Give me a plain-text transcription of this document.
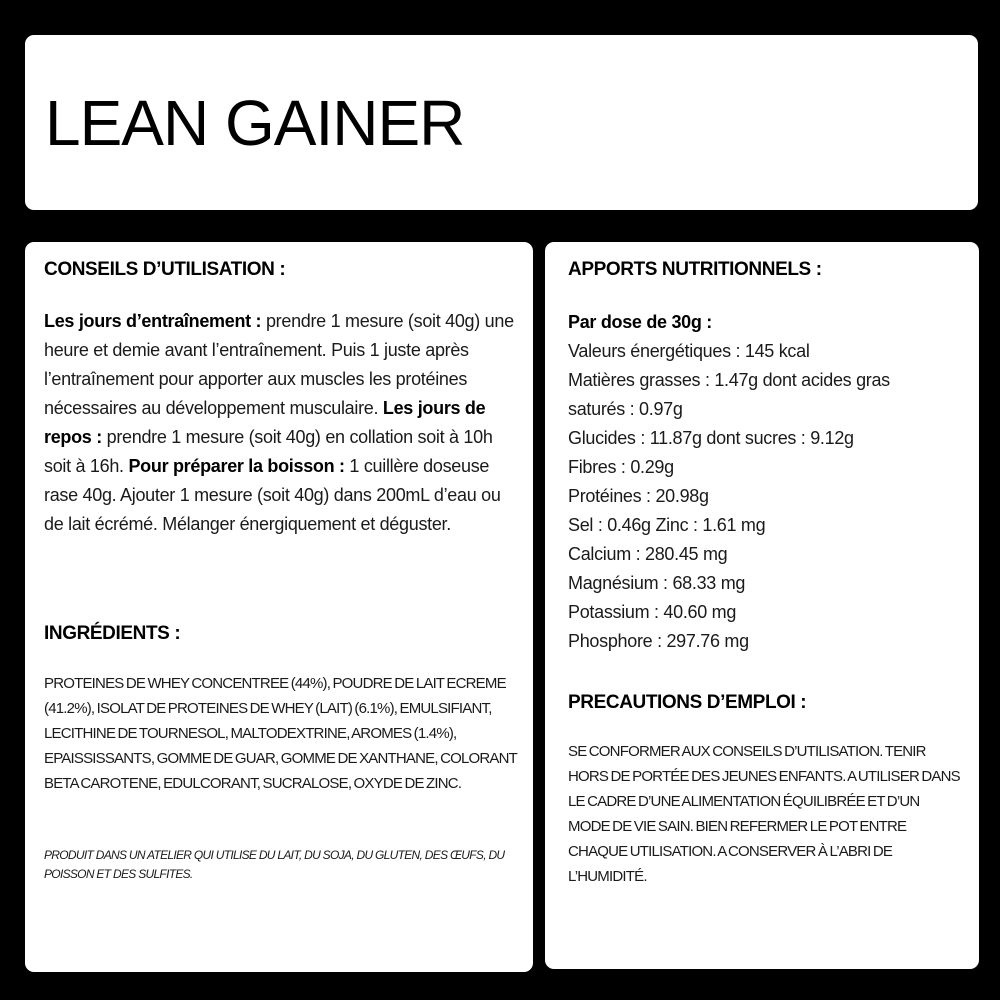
LEAN GAINER
CONSEILS D’UTILISATION :
Les jours d’entraînement : prendre 1 mesure (soit 40g) une heure et demie avant l’entraînement. Puis 1 juste après l’entraînement pour apporter aux muscles les protéines nécessaires au développement musculaire. Les jours de repos : prendre 1 mesure (soit 40g) en collation soit à 10h soit à 16h. Pour préparer la boisson : 1 cuillère doseuse rase 40g. Ajouter 1 mesure (soit 40g) dans 200mL d’eau ou de lait écrémé. Mélanger énergiquement et déguster.
INGRÉDIENTS :
PROTEINES DE WHEY CONCENTREE (44%), POUDRE DE LAIT ECREME (41.2%), ISOLAT DE PROTEINES DE WHEY (LAIT) (6.1%), EMULSIFIANT, LECITHINE DE TOURNESOL, MALTODEXTRINE, AROMES (1.4%), EPAISSISSANTS, GOMME DE GUAR, GOMME DE XANTHANE, COLORANT BETA CAROTENE, EDULCORANT, SUCRALOSE, OXYDE DE ZINC.
PRODUIT DANS UN ATELIER QUI UTILISE DU LAIT, DU SOJA, DU GLUTEN, DES ŒUFS, DU POISSON ET DES SULFITES.
APPORTS NUTRITIONNELS :
Par dose de 30g :
Valeurs énergétiques : 145 kcal
Matières grasses : 1.47g dont acides gras
saturés : 0.97g
Glucides : 11.87g dont sucres : 9.12g
Fibres : 0.29g
Protéines : 20.98g
Sel : 0.46g Zinc : 1.61 mg
Calcium : 280.45 mg
Magnésium : 68.33 mg
Potassium : 40.60 mg
Phosphore : 297.76 mg
PRECAUTIONS D’EMPLOI :
SE CONFORMER AUX CONSEILS D’UTILISATION. TENIR HORS DE PORTÉE DES JEUNES ENFANTS. A UTILISER DANS LE CADRE D’UNE ALIMENTATION ÉQUILIBRÉE ET D’UN MODE DE VIE SAIN. BIEN REFERMER LE POT ENTRE CHAQUE UTILISATION. A CONSERVER À L’ABRI DE L’HUMIDITÉ.
